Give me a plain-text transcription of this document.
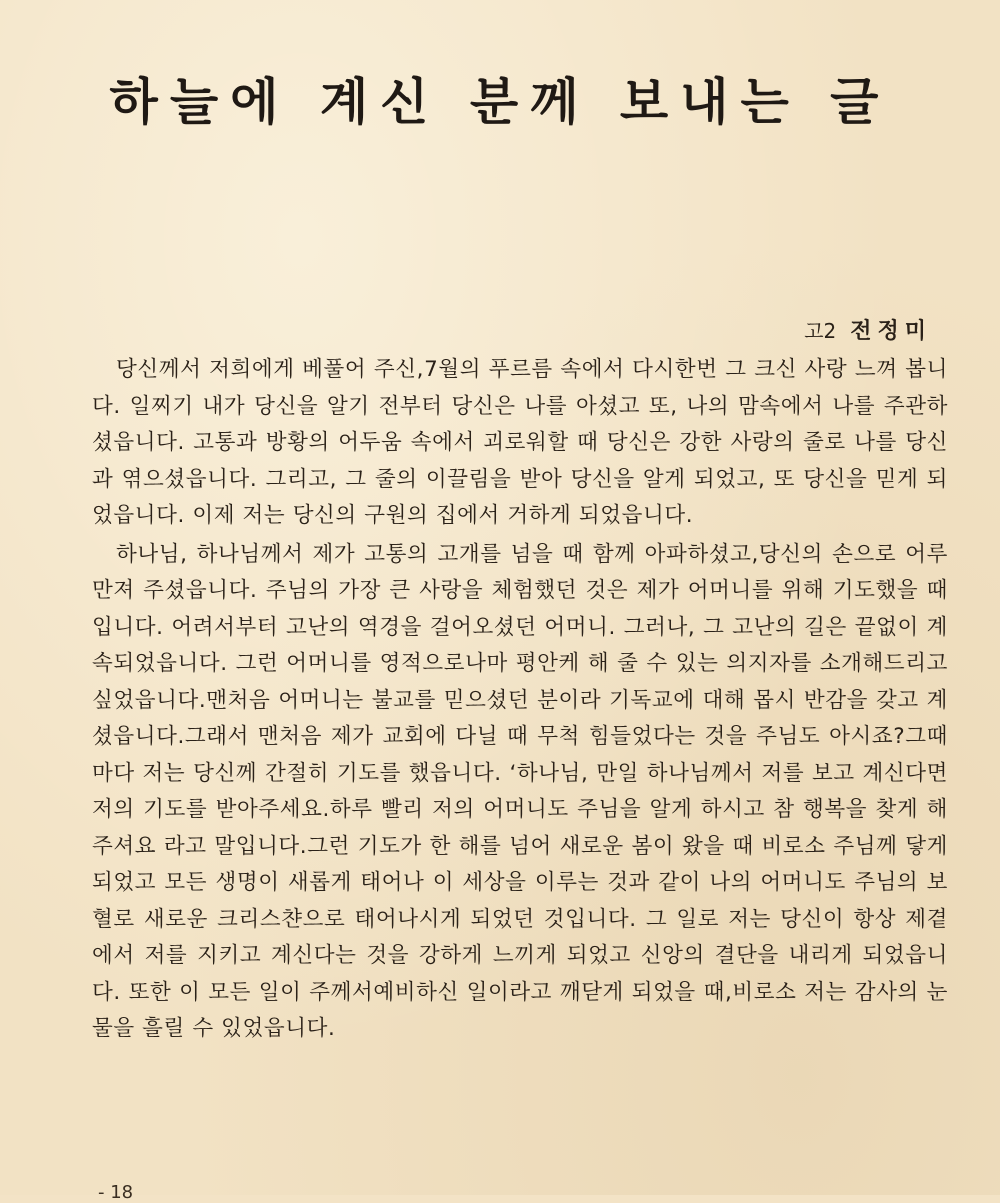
하늘에 계신 분께 보내는 글
고2 전정미

당신께서 저희에게 베풀어 주신,7월의 푸르름 속에서 다시한번 그 크신 사랑 느껴 봅니다. 일찌기 내가 당신을 알기 전부터 당신은 나를 아셨고 또, 나의 맘속에서 나를 주관하셨읍니다. 고통과 방황의 어두움 속에서 괴로워할 때 당신은 강한 사랑의 줄로 나를 당신과 엮으셨읍니다. 그리고, 그 줄의 이끌림을 받아 당신을 알게 되었고, 또 당신을 믿게 되었읍니다. 이제 저는 당신의 구원의 집에서 거하게 되었읍니다.

하나님, 하나님께서 제가 고통의 고개를 넘을 때 함께 아파하셨고,당신의 손으로 어루만져 주셨읍니다. 주님의 가장 큰 사랑을 체험했던 것은 제가 어머니를 위해 기도했을 때입니다. 어려서부터 고난의 역경을 걸어오셨던 어머니. 그러나, 그 고난의 길은 끝없이 계속되었읍니다. 그런 어머니를 영적으로나마 평안케 해 줄 수 있는 의지자를 소개해드리고 싶었읍니다.맨처음 어머니는 불교를 믿으셨던 분이라 기독교에 대해 몹시 반감을 갖고 계셨읍니다.그래서 맨처음 제가 교회에 다닐 때 무척 힘들었다는 것을 주님도 아시죠?그때마다 저는 당신께 간절히 기도를 했읍니다. ‘하나님, 만일 하나님께서 저를 보고 계신다면 저의 기도를 받아주세요.하루 빨리 저의 어머니도 주님을 알게 하시고 참 행복을 찾게 해주셔요 라고 말입니다.그런 기도가 한 해를 넘어 새로운 봄이 왔을 때 비로소 주님께 닿게 되었고 모든 생명이 새롭게 태어나 이 세상을 이루는 것과 같이 나의 어머니도 주님의 보혈로 새로운 크리스챤으로 태어나시게 되었던 것입니다. 그 일로 저는 당신이 항상 제곁에서 저를 지키고 계신다는 것을 강하게 느끼게 되었고 신앙의 결단을 내리게 되었읍니다. 또한 이 모든 일이 주께서예비하신 일이라고 깨닫게 되었을 때,비로소 저는 감사의 눈물을 흘릴 수 있었읍니다.

- 18
